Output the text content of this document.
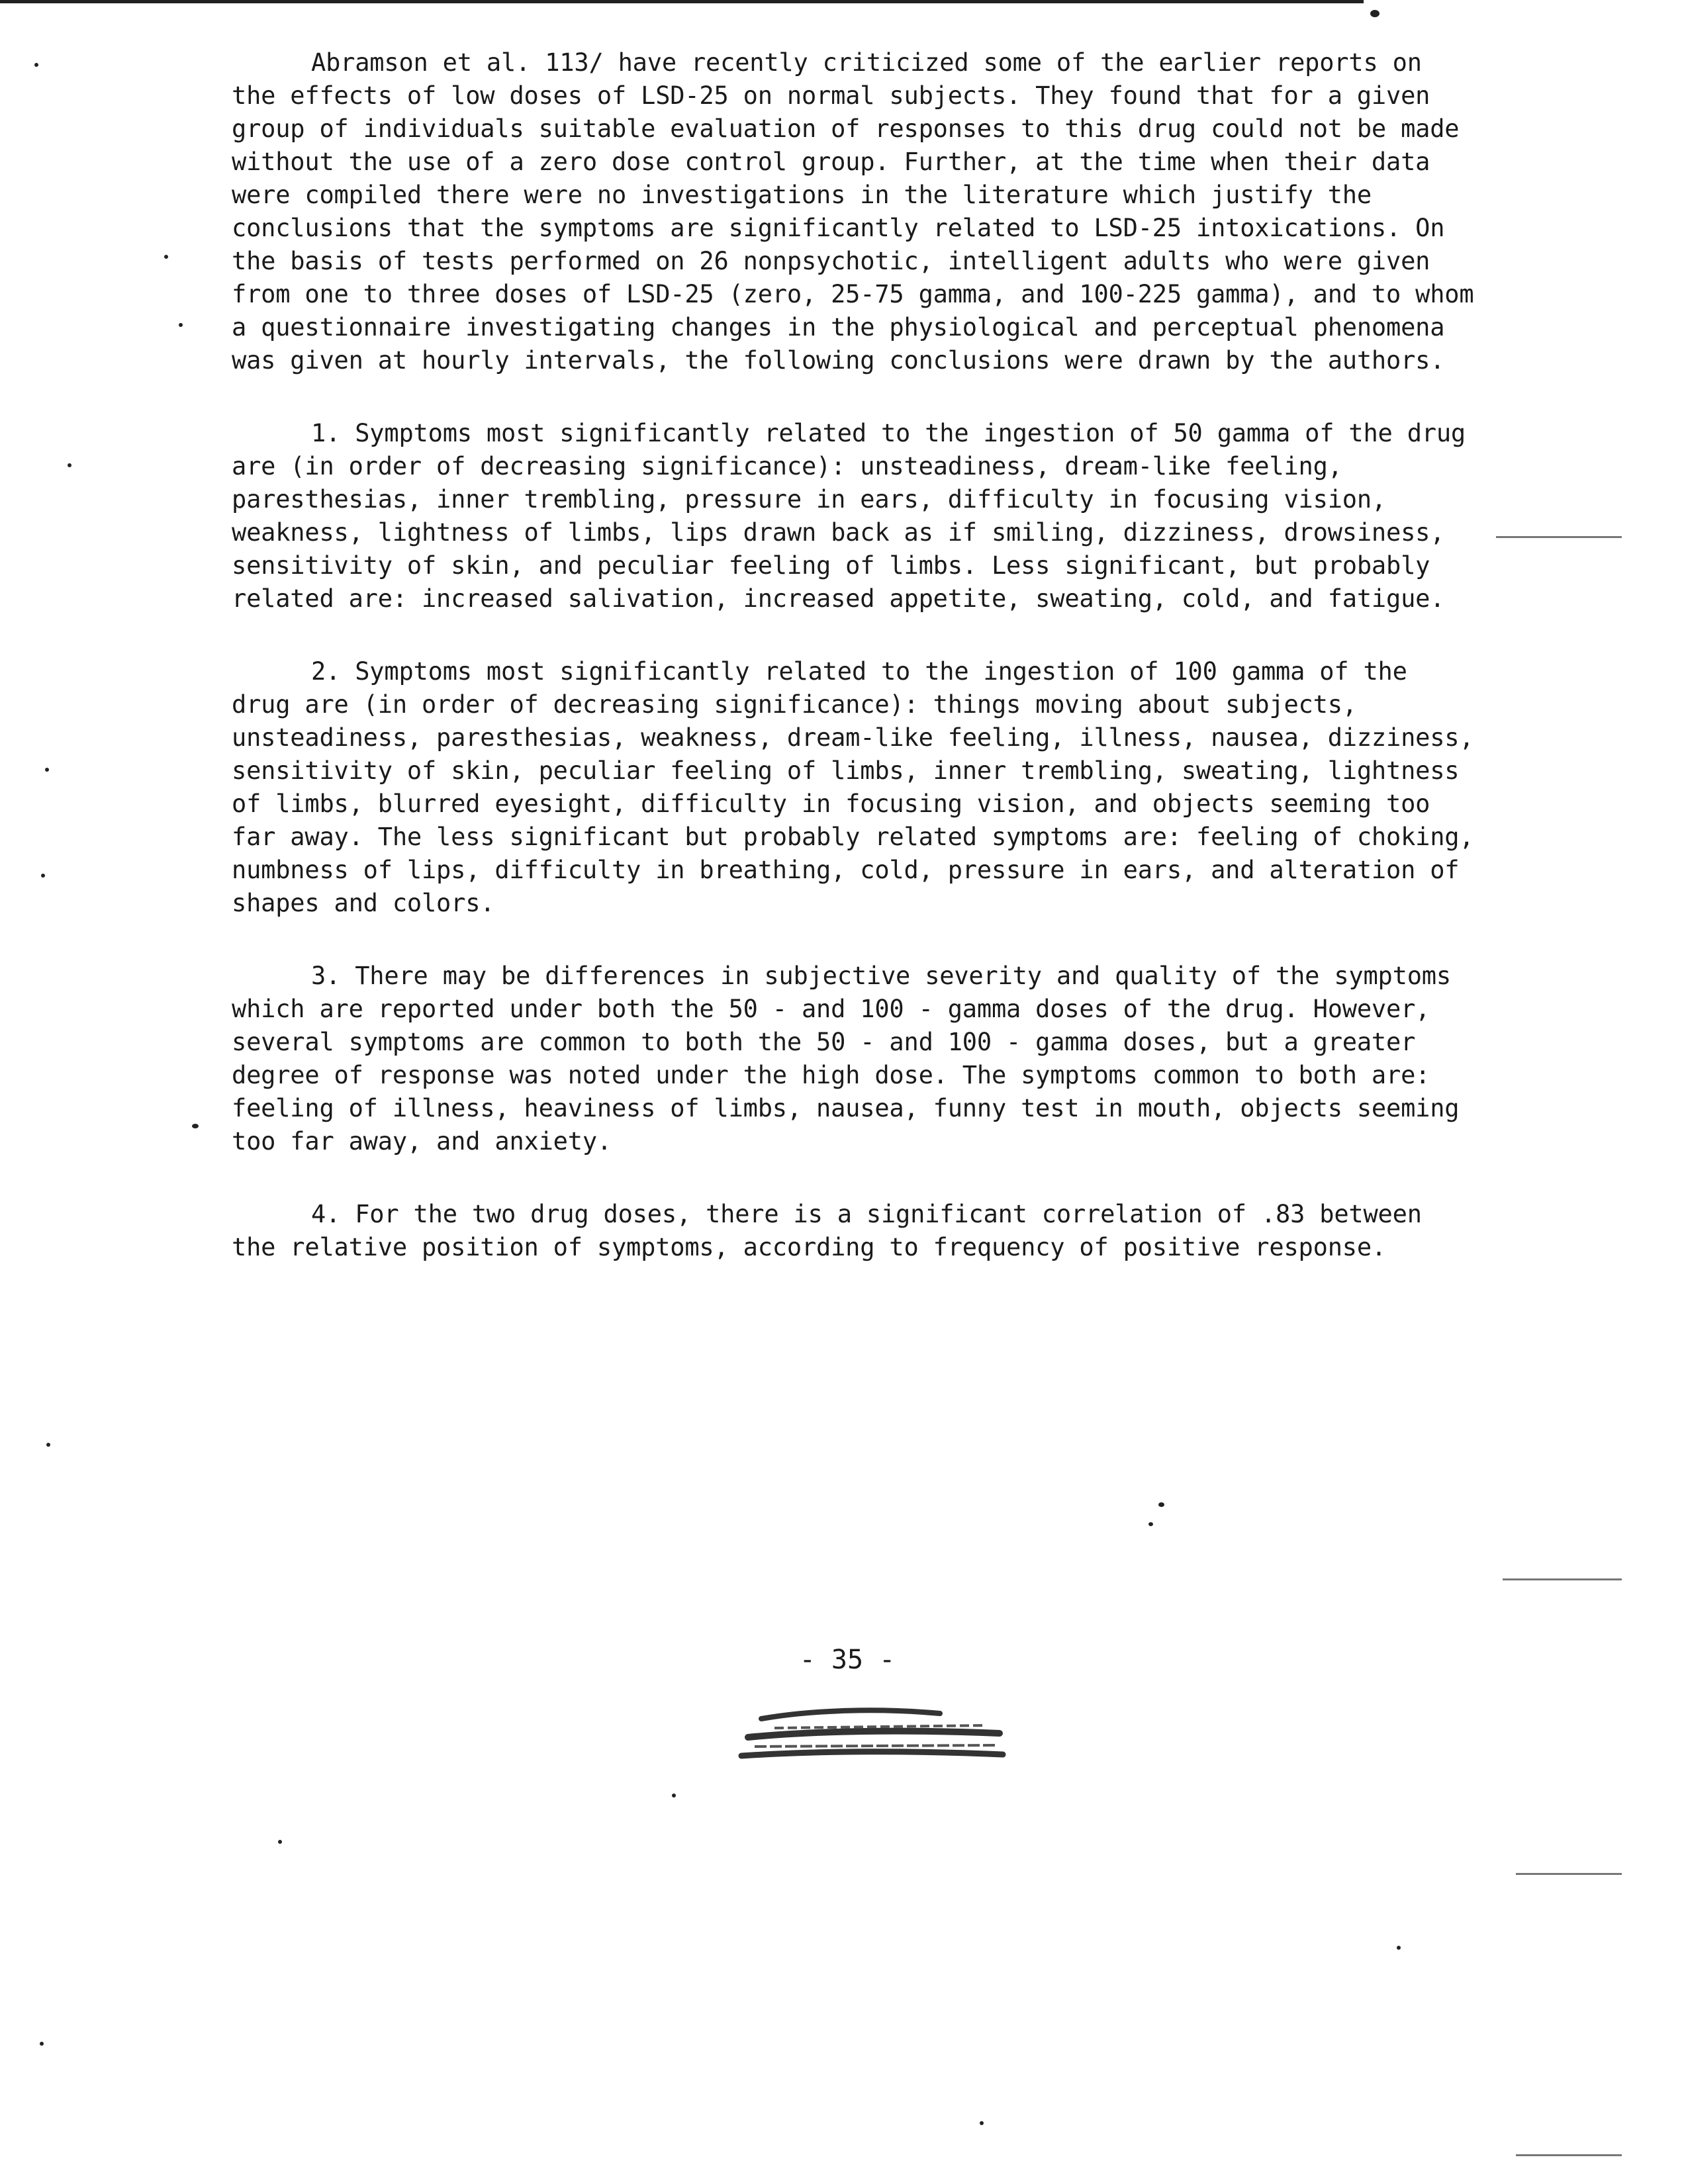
Abramson et al. 113/ have recently criticized some of the earlier reports on the effects of low doses of LSD-25 on normal subjects. They found that for a given group of individuals suitable evaluation of responses to this drug could not be made without the use of a zero dose control group. Further, at the time when their data were compiled there were no investigations in the literature which justify the conclusions that the symptoms are significantly related to LSD-25 intoxications. On the basis of tests performed on 26 nonpsychotic, intelligent adults who were given from one to three doses of LSD-25 (zero, 25-75 gamma, and 100-225 gamma), and to whom a questionnaire investigating changes in the physiological and perceptual phenomena was given at hourly intervals, the following conclusions were drawn by the authors.

1. Symptoms most significantly related to the ingestion of 50 gamma of the drug are (in order of decreasing significance): unsteadiness, dream-like feeling, paresthesias, inner trembling, pressure in ears, difficulty in focusing vision, weakness, lightness of limbs, lips drawn back as if smiling, dizziness, drowsiness, sensitivity of skin, and peculiar feeling of limbs. Less significant, but probably related are: increased salivation, increased appetite, sweating, cold, and fatigue.

2. Symptoms most significantly related to the ingestion of 100 gamma of the drug are (in order of decreasing significance): things moving about subjects, unsteadiness, paresthesias, weakness, dream-like feeling, illness, nausea, dizziness, sensitivity of skin, peculiar feeling of limbs, inner trembling, sweating, lightness of limbs, blurred eyesight, difficulty in focusing vision, and objects seeming too far away. The less significant but probably related symptoms are: feeling of choking, numbness of lips, difficulty in breathing, cold, pressure in ears, and alteration of shapes and colors.

3. There may be differences in subjective severity and quality of the symptoms which are reported under both the 50 - and 100 - gamma doses of the drug. However, several symptoms are common to both the 50 - and 100 - gamma doses, but a greater degree of response was noted under the high dose. The symptoms common to both are: feeling of illness, heaviness of limbs, nausea, funny test in mouth, objects seeming too far away, and anxiety.

4. For the two drug doses, there is a significant correlation of .83 between the relative position of symptoms, according to frequency of positive response.

- 35 -
